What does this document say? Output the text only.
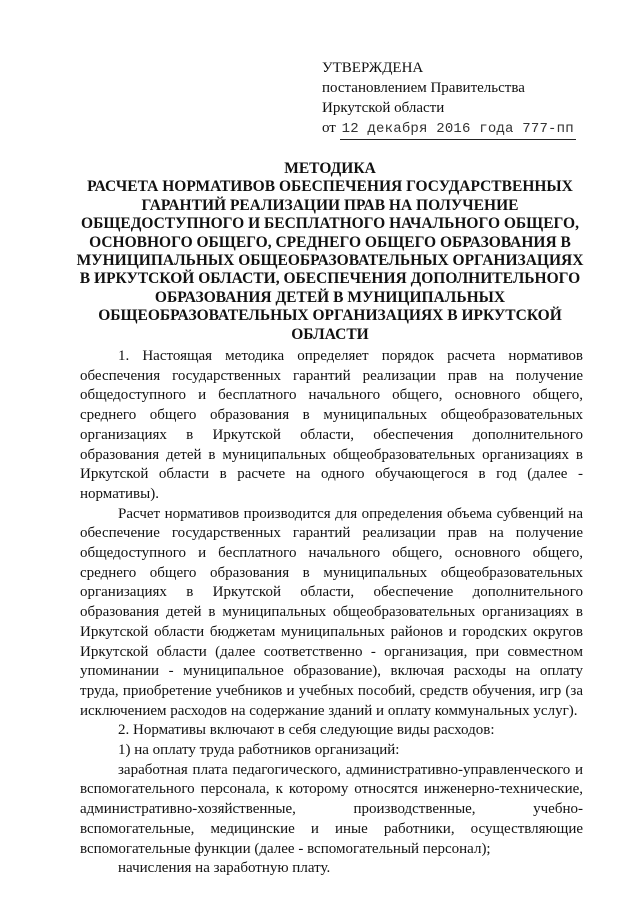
УТВЕРЖДЕНА
постановлением Правительства
Иркутской области
от 12 декабря 2016 года 777-пп
МЕТОДИКА
РАСЧЕТА НОРМАТИВОВ ОБЕСПЕЧЕНИЯ ГОСУДАРСТВЕННЫХ
ГАРАНТИЙ РЕАЛИЗАЦИИ ПРАВ НА ПОЛУЧЕНИЕ
ОБЩЕДОСТУПНОГО И БЕСПЛАТНОГО НАЧАЛЬНОГО ОБЩЕГО,
ОСНОВНОГО ОБЩЕГО, СРЕДНЕГО ОБЩЕГО ОБРАЗОВАНИЯ В
МУНИЦИПАЛЬНЫХ ОБЩЕОБРАЗОВАТЕЛЬНЫХ ОРГАНИЗАЦИЯХ
В ИРКУТСКОЙ ОБЛАСТИ, ОБЕСПЕЧЕНИЯ ДОПОЛНИТЕЛЬНОГО
ОБРАЗОВАНИЯ ДЕТЕЙ В МУНИЦИПАЛЬНЫХ
ОБЩЕОБРАЗОВАТЕЛЬНЫХ ОРГАНИЗАЦИЯХ В ИРКУТСКОЙ
ОБЛАСТИ

1. Настоящая методика определяет порядок расчета нормативов обеспечения государственных гарантий реализации прав на получение общедоступного и бесплатного начального общего, основного общего, среднего общего образования в муниципальных общеобразовательных организациях в Иркутской области, обеспечения дополнительного образования детей в муниципальных общеобразовательных организациях в Иркутской области в расчете на одного обучающегося в год (далее - нормативы).

Расчет нормативов производится для определения объема субвенций на обеспечение государственных гарантий реализации прав на получение общедоступного и бесплатного начального общего, основного общего, среднего общего образования в муниципальных общеобразовательных организациях в Иркутской области, обеспечение дополнительного образования детей в муниципальных общеобразовательных организациях в Иркутской области бюджетам муниципальных районов и городских округов Иркутской области (далее соответственно - организация, при совместном упоминании - муниципальное образование), включая расходы на оплату труда, приобретение учебников и учебных пособий, средств обучения, игр (за исключением расходов на содержание зданий и оплату коммунальных услуг).

2. Нормативы включают в себя следующие виды расходов:

1) на оплату труда работников организаций:

заработная плата педагогического, административно-управленческого и вспомогательного персонала, к которому относятся инженерно-технические, административно-хозяйственные, производственные, учебно-вспомогательные, медицинские и иные работники, осуществляющие вспомогательные функции (далее - вспомогательный персонал);

начисления на заработную плату.
